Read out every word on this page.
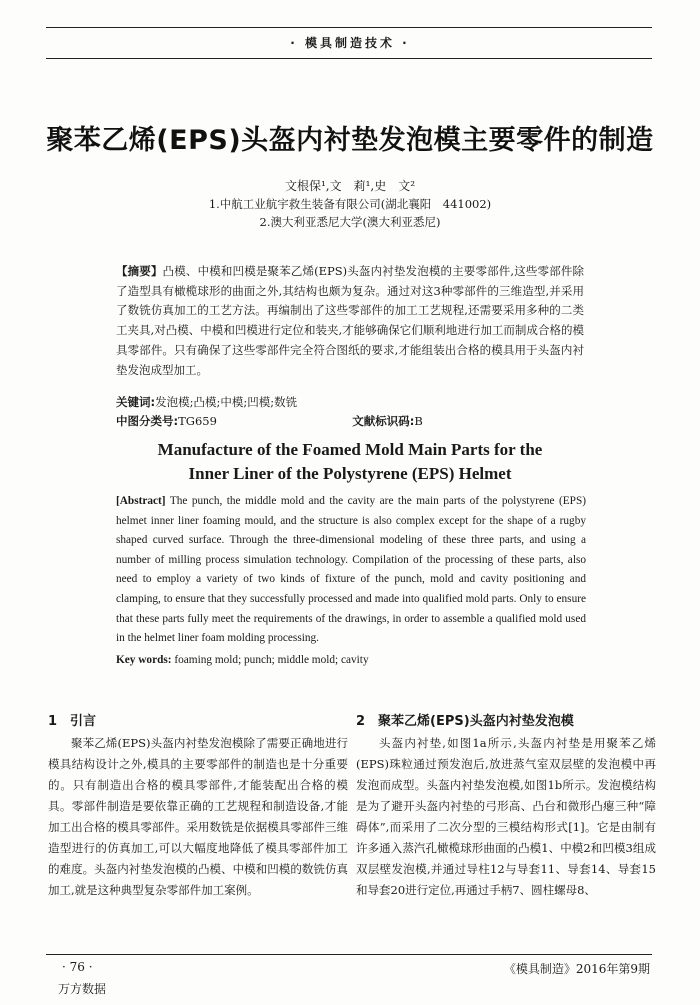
· 模具制造技术 ·
聚苯乙烯(EPS)头盔内衬垫发泡模主要零件的制造
文根保¹,文　莉¹,史　文²
1.中航工业航宇救生装备有限公司(湖北襄阳　441002)
2.澳大利亚悉尼大学(澳大利亚悉尼)
【摘要】凸模、中模和凹模是聚苯乙烯(EPS)头盔内衬垫发泡模的主要零部件,这些零部件除了造型具有橄榄球形的曲面之外,其结构也颇为复杂。通过对这3种零部件的三维造型,并采用了数铣仿真加工的工艺方法。再编制出了这些零部件的加工工艺规程,还需要采用多种的二类工夹具,对凸模、中模和凹模进行定位和装夹,才能够确保它们顺利地进行加工而制成合格的模具零部件。只有确保了这些零部件完全符合图纸的要求,才能组装出合格的模具用于头盔内衬垫发泡成型加工。
关键词:发泡模;凸模;中模;凹模;数铣
中图分类号:TG659	文献标识码:B
Manufacture of the Foamed Mold Main Parts for the
Inner Liner of the Polystyrene (EPS) Helmet
[Abstract] The punch, the middle mold and the cavity are the main parts of the polystyrene (EPS) helmet inner liner foaming mould, and the structure is also complex except for the shape of a rugby shaped curved surface. Through the three-dimensional modeling of these three parts, and using a number of milling process simulation technology. Compilation of the processing of these parts, also need to employ a variety of two kinds of fixture of the punch, mold and cavity positioning and clamping, to ensure that they successfully processed and made into qualified mold parts. Only to ensure that these parts fully meet the requirements of the drawings, in order to assemble a qualified mold used in the helmet liner foam molding processing.
Key words: foaming mold; punch; middle mold; cavity
1　引言

聚苯乙烯(EPS)头盔内衬垫发泡模除了需要正确地进行模具结构设计之外,模具的主要零部件的制造也是十分重要的。只有制造出合格的模具零部件,才能装配出合格的模具。零部件制造是要依靠正确的工艺规程和制造设备,才能加工出合格的模具零部件。采用数铣是依据模具零部件三维造型进行的仿真加工,可以大幅度地降低了模具零部件加工的难度。头盔内衬垫发泡模的凸模、中模和凹模的数铣仿真加工,就是这种典型复杂零部件加工案例。

2　聚苯乙烯(EPS)头盔内衬垫发泡模

头盔内衬垫,如图1a所示,头盔内衬垫是用聚苯乙烯(EPS)珠粒通过预发泡后,放进蒸气室双层壁的发泡模中再发泡而成型。头盔内衬垫发泡模,如图1b所示。发泡模结构是为了避开头盔内衬垫的弓形高、凸台和微形凸瘪三种“障碍体”,而采用了二次分型的三模结构形式[1]。它是由制有许多通入蒸汽孔橄榄球形曲面的凸模1、中模2和凹模3组成双层壁发泡模,并通过导柱12与导套11、导套14、导套15和导套20进行定位,再通过手柄7、圆柱螺母8、

· 76 ·	《模具制造》2016年第9期
万方数据
